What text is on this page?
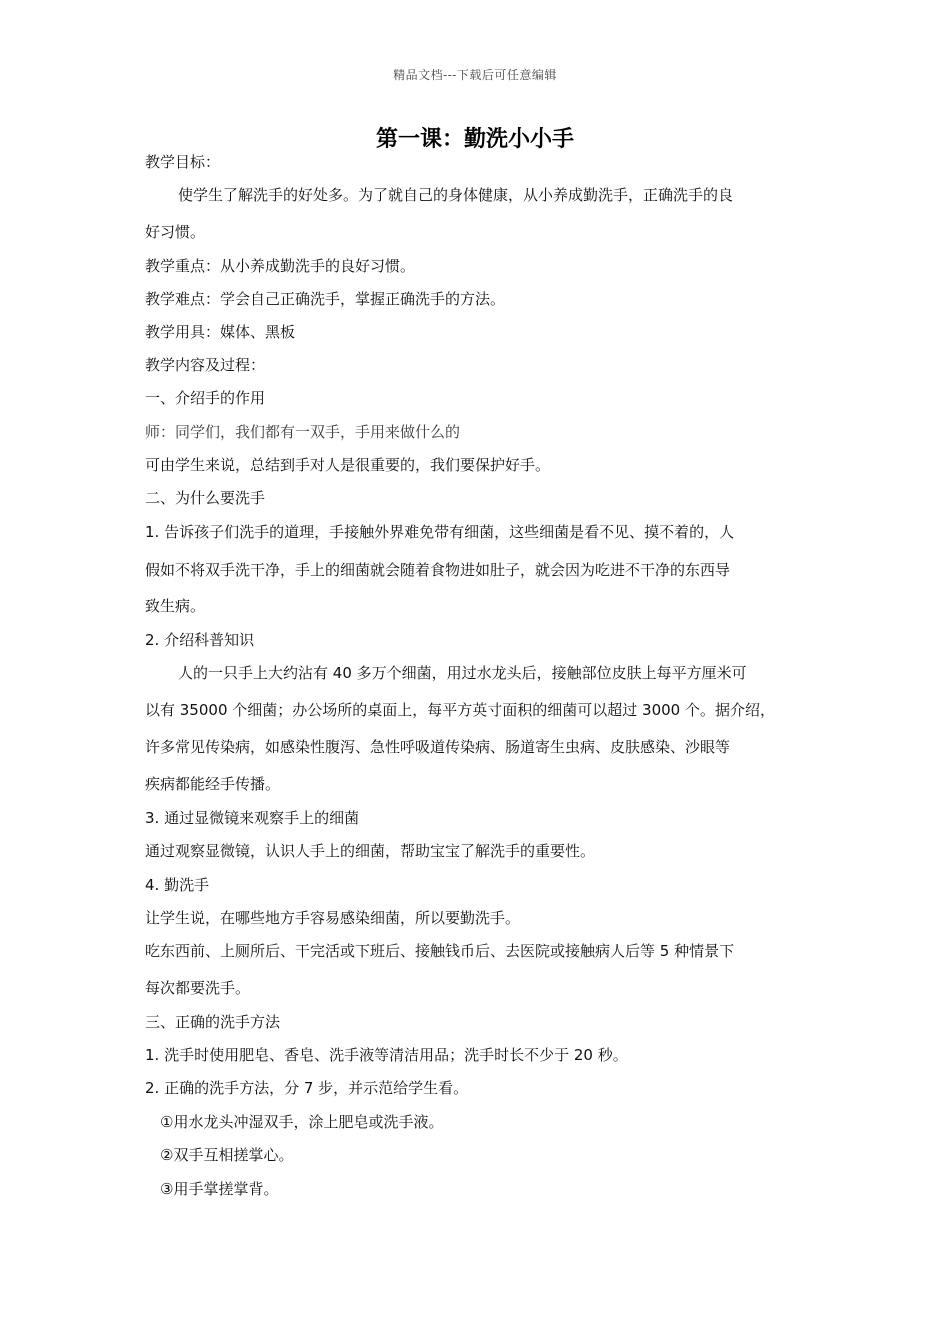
精品文档---下载后可任意编辑
第一课：勤洗小小手
教学目标：
使学生了解洗手的好处多。为了就自己的身体健康，从小养成勤洗手，正确洗手的良
好习惯。
教学重点：从小养成勤洗手的良好习惯。
教学难点：学会自己正确洗手，掌握正确洗手的方法。
教学用具：媒体、黑板
教学内容及过程：
一、介绍手的作用
师：同学们，我们都有一双手，手用来做什么的
可由学生来说，总结到手对人是很重要的，我们要保护好手。
二、为什么要洗手
1. 告诉孩子们洗手的道理，手接触外界难免带有细菌，这些细菌是看不见、摸不着的，人
假如不将双手洗干净，手上的细菌就会随着食物进如肚子，就会因为吃进不干净的东西导
致生病。
2. 介绍科普知识
人的一只手上大约沾有 40 多万个细菌，用过水龙头后，接触部位皮肤上每平方厘米可
以有 35000 个细菌；办公场所的桌面上，每平方英寸面积的细菌可以超过 3000 个。据介绍，
许多常见传染病，如感染性腹泻、急性呼吸道传染病、肠道寄生虫病、皮肤感染、沙眼等
疾病都能经手传播。
3. 通过显微镜来观察手上的细菌
通过观察显微镜，认识人手上的细菌，帮助宝宝了解洗手的重要性。
4. 勤洗手
让学生说，在哪些地方手容易感染细菌，所以要勤洗手。
吃东西前、上厕所后、干完活或下班后、接触钱币后、去医院或接触病人后等 5 种情景下
每次都要洗手。
三、正确的洗手方法
1. 洗手时使用肥皂、香皂、洗手液等清洁用品；洗手时长不少于 20 秒。
2. 正确的洗手方法，分 7 步，并示范给学生看。
①用水龙头冲湿双手，涂上肥皂或洗手液。
②双手互相搓掌心。
③用手掌搓掌背。
